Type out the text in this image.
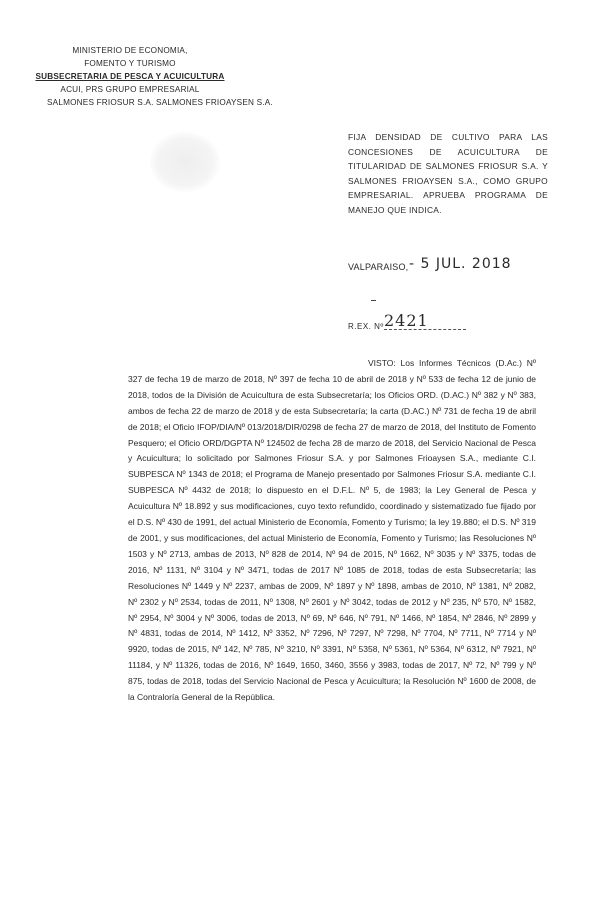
MINISTERIO DE ECONOMIA,
FOMENTO Y TURISMO
SUBSECRETARIA DE PESCA Y ACUICULTURA
ACUI, PRS GRUPO EMPRESARIAL
SALMONES FRIOSUR S.A. SALMONES FRIOAYSEN S.A.
FIJA DENSIDAD DE CULTIVO PARA LAS CONCESIONES DE ACUICULTURA DE TITULARIDAD DE SALMONES FRIOSUR S.A. Y SALMONES FRIOAYSEN S.A., COMO GRUPO EMPRESARIAL. APRUEBA PROGRAMA DE MANEJO QUE INDICA.
VALPARAISO, - 5 JUL. 2018
R.EX. Nº 2421
VISTO: Los Informes Técnicos (D.Ac.) Nº 327 de fecha 19 de marzo de 2018, Nº 397 de fecha 10 de abril de 2018 y Nº 533 de fecha 12 de junio de 2018, todos de la División de Acuicultura de esta Subsecretaría; los Oficios ORD. (D.AC.) Nº 382 y Nº 383, ambos de fecha 22 de marzo de 2018 y de esta Subsecretaría; la carta (D.AC.) Nº 731 de fecha 19 de abril de 2018; el Oficio IFOP/DIA/Nº 013/2018/DIR/0298 de fecha 27 de marzo de 2018, del Instituto de Fomento Pesquero; el Oficio ORD/DGPTA Nº 124502 de fecha 28 de marzo de 2018, del Servicio Nacional de Pesca y Acuicultura; lo solicitado por Salmones Friosur S.A. y por Salmones Frioaysen S.A., mediante C.I. SUBPESCA Nº 1343 de 2018; el Programa de Manejo presentado por Salmones Friosur S.A. mediante C.I. SUBPESCA Nº 4432 de 2018; lo dispuesto en el D.F.L. Nº 5, de 1983; la Ley General de Pesca y Acuicultura Nº 18.892 y sus modificaciones, cuyo texto refundido, coordinado y sistematizado fue fijado por el D.S. Nº 430 de 1991, del actual Ministerio de Economía, Fomento y Turismo; la ley 19.880; el D.S. Nº 319 de 2001, y sus modificaciones, del actual Ministerio de Economía, Fomento y Turismo; las Resoluciones Nº 1503 y Nº 2713, ambas de 2013, Nº 828 de 2014, Nº 94 de 2015, Nº 1662, Nº 3035 y Nº 3375, todas de 2016, Nº 1131, Nº 3104 y Nº 3471, todas de 2017 Nº 1085 de 2018, todas de esta Subsecretaría; las Resoluciones Nº 1449 y Nº 2237, ambas de 2009, Nº 1897 y Nº 1898, ambas de 2010, Nº 1381, Nº 2082, Nº 2302 y Nº 2534, todas de 2011, Nº 1308, Nº 2601 y Nº 3042, todas de 2012 y Nº 235, Nº 570, Nº 1582, Nº 2954, Nº 3004 y Nº 3006, todas de 2013, Nº 69, Nº 646, Nº 791, Nº 1466, Nº 1854, Nº 2846, Nº 2899 y Nº 4831, todas de 2014, Nº 1412, Nº 3352, Nº 7296, Nº 7297, Nº 7298, Nº 7704, Nº 7711, Nº 7714 y Nº 9920, todas de 2015, Nº 142, Nº 785, Nº 3210, Nº 3391, Nº 5358, Nº 5361, Nº 5364, Nº 6312, Nº 7921, Nº 11184, y Nº 11326, todas de 2016, Nº 1649, 1650, 3460, 3556 y 3983, todas de 2017, Nº 72, Nº 799 y Nº 875, todas de 2018, todas del Servicio Nacional de Pesca y Acuicultura; la Resolución Nº 1600 de 2008, de la Contraloría General de la República.
